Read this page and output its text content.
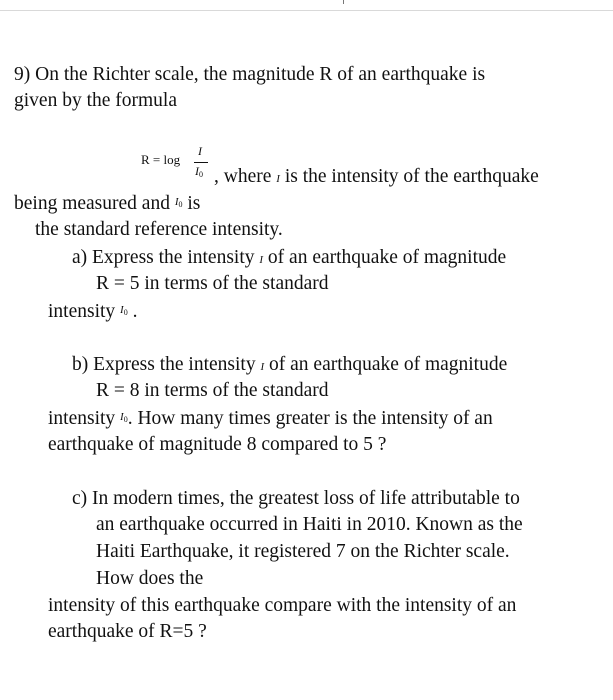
9) On the Richter scale, the magnitude R of an earthquake is
given by the formula
R = log
I
I0 , where I is the intensity of the earthquake
being measured and $^{I0}$ is
the standard reference intensity.
a) Express the intensity I of an earthquake of magnitude
R = 5 in terms of the standard
intensity $^{I0}$ .
b) Express the intensity I of an earthquake of magnitude
R = 8 in terms of the standard
intensity $^{I0}$. How many times greater is the intensity of an
earthquake of magnitude 8 compared to 5 ?
c) In modern times, the greatest loss of life attributable to
an earthquake occurred in Haiti in 2010. Known as the
Haiti Earthquake, it registered 7 on the Richter scale.
How does the
intensity of this earthquake compare with the intensity of an
earthquake of R=5 ?
